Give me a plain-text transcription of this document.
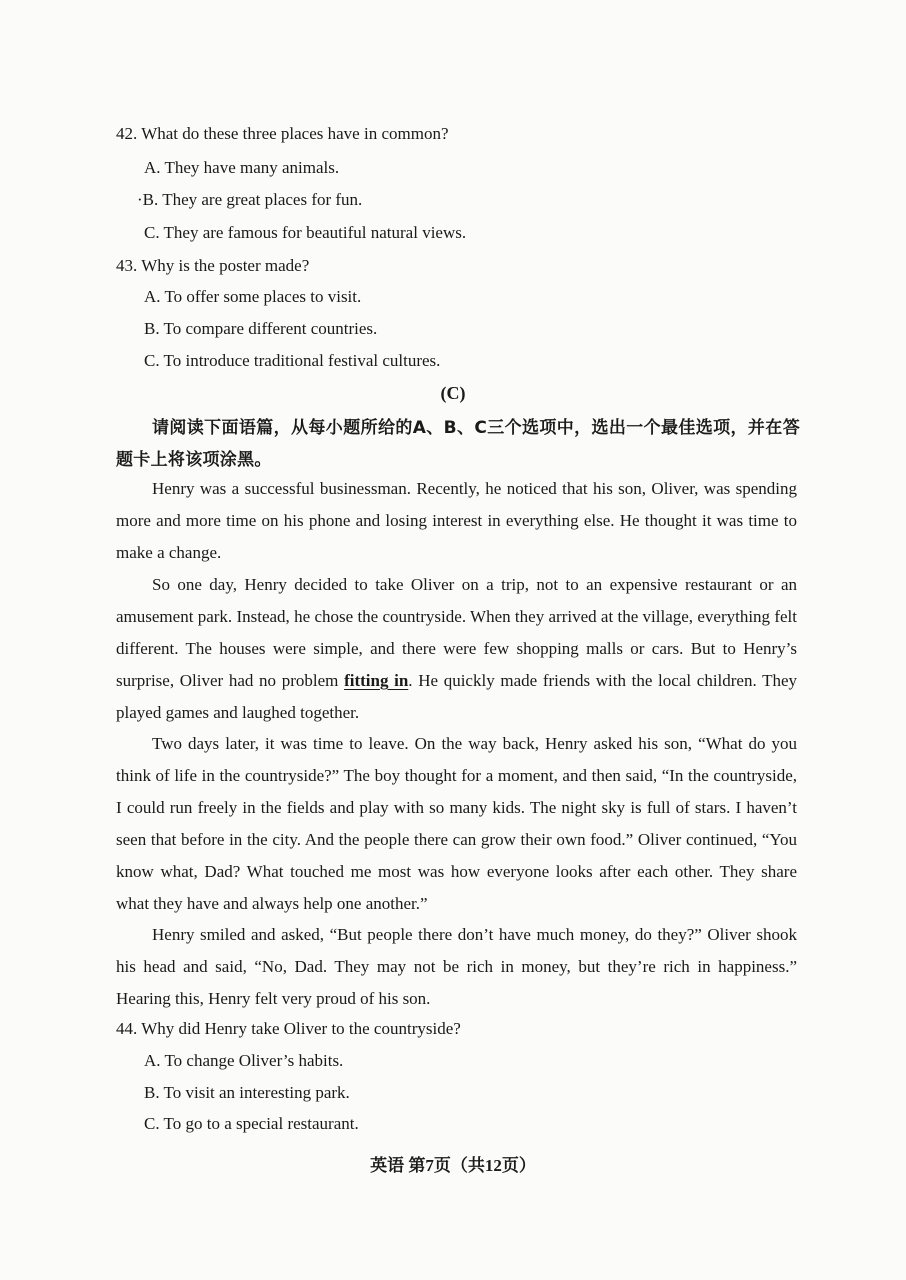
42. What do these three places have in common?
A. They have many animals.
·B. They are great places for fun.
C. They are famous for beautiful natural views.
43. Why is the poster made?
A. To offer some places to visit.
B. To compare different countries.
C. To introduce traditional festival cultures.
(C)
请阅读下面语篇，从每小题所给的A、B、C三个选项中，选出一个最佳选项，并在答题卡上将该项涂黑。
Henry was a successful businessman. Recently, he noticed that his son, Oliver, was spending more and more time on his phone and losing interest in everything else. He thought it was time to make a change.
So one day, Henry decided to take Oliver on a trip, not to an expensive restaurant or an amusement park. Instead, he chose the countryside. When they arrived at the village, everything felt different. The houses were simple, and there were few shopping malls or cars. But to Henry’s surprise, Oliver had no problem fitting in. He quickly made friends with the local children. They played games and laughed together.
Two days later, it was time to leave. On the way back, Henry asked his son, “What do you think of life in the countryside?” The boy thought for a moment, and then said, “In the countryside, I could run freely in the fields and play with so many kids. The night sky is full of stars. I haven’t seen that before in the city. And the people there can grow their own food.” Oliver continued, “You know what, Dad? What touched me most was how everyone looks after each other. They share what they have and always help one another.”
Henry smiled and asked, “But people there don’t have much money, do they?” Oliver shook his head and said, “No, Dad. They may not be rich in money, but they’re rich in happiness.” Hearing this, Henry felt very proud of his son.
44. Why did Henry take Oliver to the countryside?
A. To change Oliver’s habits.
B. To visit an interesting park.
C. To go to a special restaurant.
英语 第7页（共12页）
